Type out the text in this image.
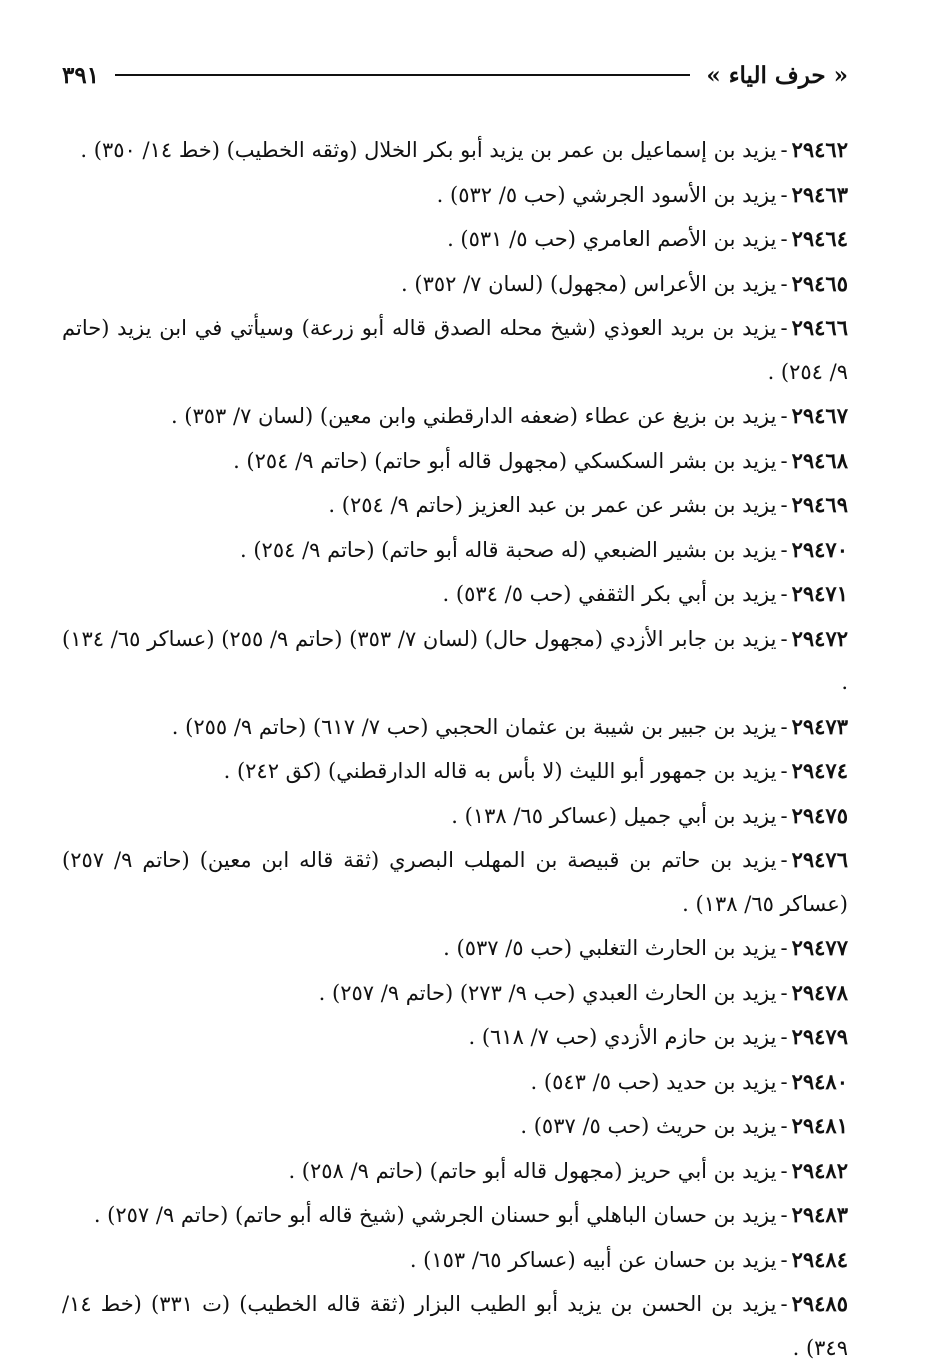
« حرف الياء »
٣٩١
٢٩٤٦٢-يزيد بن إسماعيل بن عمر بن يزيد أبو بكر الخلال (وثقه الخطيب) (خط ١٤/ ٣٥٠) .
٢٩٤٦٣-يزيد بن الأسود الجرشي (حب ٥/ ٥٣٢) .
٢٩٤٦٤-يزيد بن الأصم العامري (حب ٥/ ٥٣١) .
٢٩٤٦٥-يزيد بن الأعراس (مجهول) (لسان ٧/ ٣٥٢) .
٢٩٤٦٦-يزيد بن بريد العوذي (شيخ محله الصدق قاله أبو زرعة) وسيأتي في ابن يزيد (حاتم ٩/ ٢٥٤) .
٢٩٤٦٧-يزيد بن بزيغ عن عطاء (ضعفه الدارقطني وابن معين) (لسان ٧/ ٣٥٣) .
٢٩٤٦٨-يزيد بن بشر السكسكي (مجهول قاله أبو حاتم) (حاتم ٩/ ٢٥٤) .
٢٩٤٦٩-يزيد بن بشر عن عمر بن عبد العزيز (حاتم ٩/ ٢٥٤) .
٢٩٤٧٠-يزيد بن بشير الضبعي (له صحبة قاله أبو حاتم) (حاتم ٩/ ٢٥٤) .
٢٩٤٧١-يزيد بن أبي بكر الثقفي (حب ٥/ ٥٣٤) .
٢٩٤٧٢-يزيد بن جابر الأزدي (مجهول حال) (لسان ٧/ ٣٥٣) (حاتم ٩/ ٢٥٥) (عساكر ٦٥/ ١٣٤) .
٢٩٤٧٣-يزيد بن جبير بن شيبة بن عثمان الحجبي (حب ٧/ ٦١٧) (حاتم ٩/ ٢٥٥) .
٢٩٤٧٤-يزيد بن جمهور أبو الليث (لا بأس به قاله الدارقطني) (كق ٢٤٢) .
٢٩٤٧٥-يزيد بن أبي جميل (عساكر ٦٥/ ١٣٨) .
٢٩٤٧٦-يزيد بن حاتم بن قبيصة بن المهلب البصري (ثقة قاله ابن معين) (حاتم ٩/ ٢٥٧) (عساكر ٦٥/ ١٣٨) .
٢٩٤٧٧-يزيد بن الحارث التغلبي (حب ٥/ ٥٣٧) .
٢٩٤٧٨-يزيد بن الحارث العبدي (حب ٩/ ٢٧٣) (حاتم ٩/ ٢٥٧) .
٢٩٤٧٩-يزيد بن حازم الأزدي (حب ٧/ ٦١٨) .
٢٩٤٨٠-يزيد بن حديد (حب ٥/ ٥٤٣) .
٢٩٤٨١-يزيد بن حريث (حب ٥/ ٥٣٧) .
٢٩٤٨٢-يزيد بن أبي حريز (مجهول قاله أبو حاتم) (حاتم ٩/ ٢٥٨) .
٢٩٤٨٣-يزيد بن حسان الباهلي أبو حسنان الجرشي (شيخ قاله أبو حاتم) (حاتم ٩/ ٢٥٧) .
٢٩٤٨٤-يزيد بن حسان عن أبيه (عساكر ٦٥/ ١٥٣) .
٢٩٤٨٥-يزيد بن الحسن بن يزيد أبو الطيب البزار (ثقة قاله الخطيب) (ت ٣٣١) (خط ١٤/ ٣٤٩) .
